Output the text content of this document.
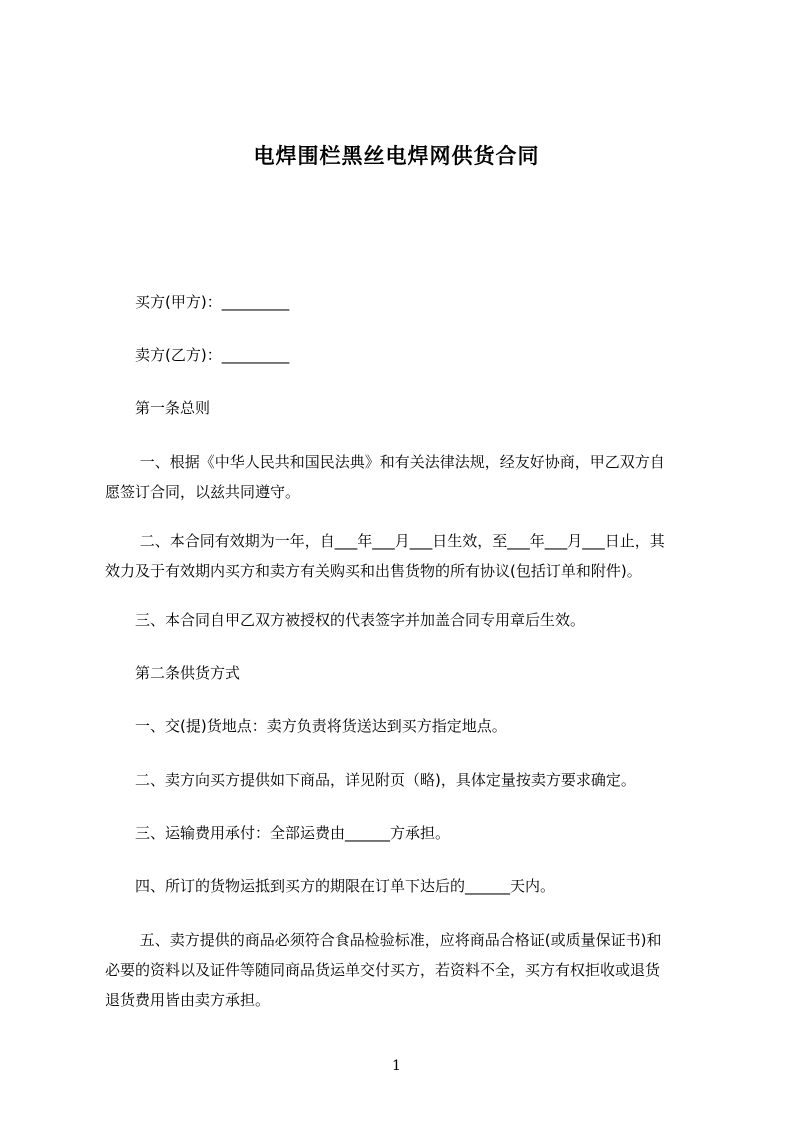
电焊围栏黑丝电焊网供货合同
　　买方(甲方)：_________
　　卖方(乙方)：_________
　　第一条总则
　　 一、根据《中华人民共和国民法典》和有关法律法规，经友好协商，甲乙双方自
愿签订合同，以兹共同遵守。
　　 二、本合同有效期为一年，自___年___月___日生效，至___年___月___日止，其
效力及于有效期内买方和卖方有关购买和出售货物的所有协议(包括订单和附件)。
　　三、本合同自甲乙双方被授权的代表签字并加盖合同专用章后生效。
　　第二条供货方式
　　一、交(提)货地点：卖方负责将货送达到买方指定地点。
　　二、卖方向买方提供如下商品，详见附页（略)，具体定量按卖方要求确定。
　　三、运输费用承付：全部运费由______方承担。
　　四、所订的货物运抵到买方的期限在订单下达后的______天内。
　　 五、卖方提供的商品必须符合食品检验标准，应将商品合格证(或质量保证书)和
必要的资料以及证件等随同商品货运单交付买方，若资料不全，买方有权拒收或退货
退货费用皆由卖方承担。
1
